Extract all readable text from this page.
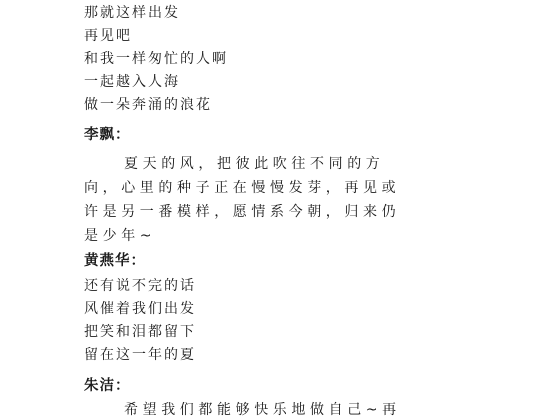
那就这样出发
再见吧
和我一样匆忙的人啊
一起越入人海
做一朵奔涌的浪花
李飘：
夏天的风，把彼此吹往不同的方
向，心里的种子正在慢慢发芽，再见或
许是另一番模样，愿情系今朝，归来仍
是少年~
黄燕华：
还有说不完的话
风催着我们出发
把笑和泪都留下
留在这一年的夏
朱洁：
希望我们都能够快乐地做自己~再
